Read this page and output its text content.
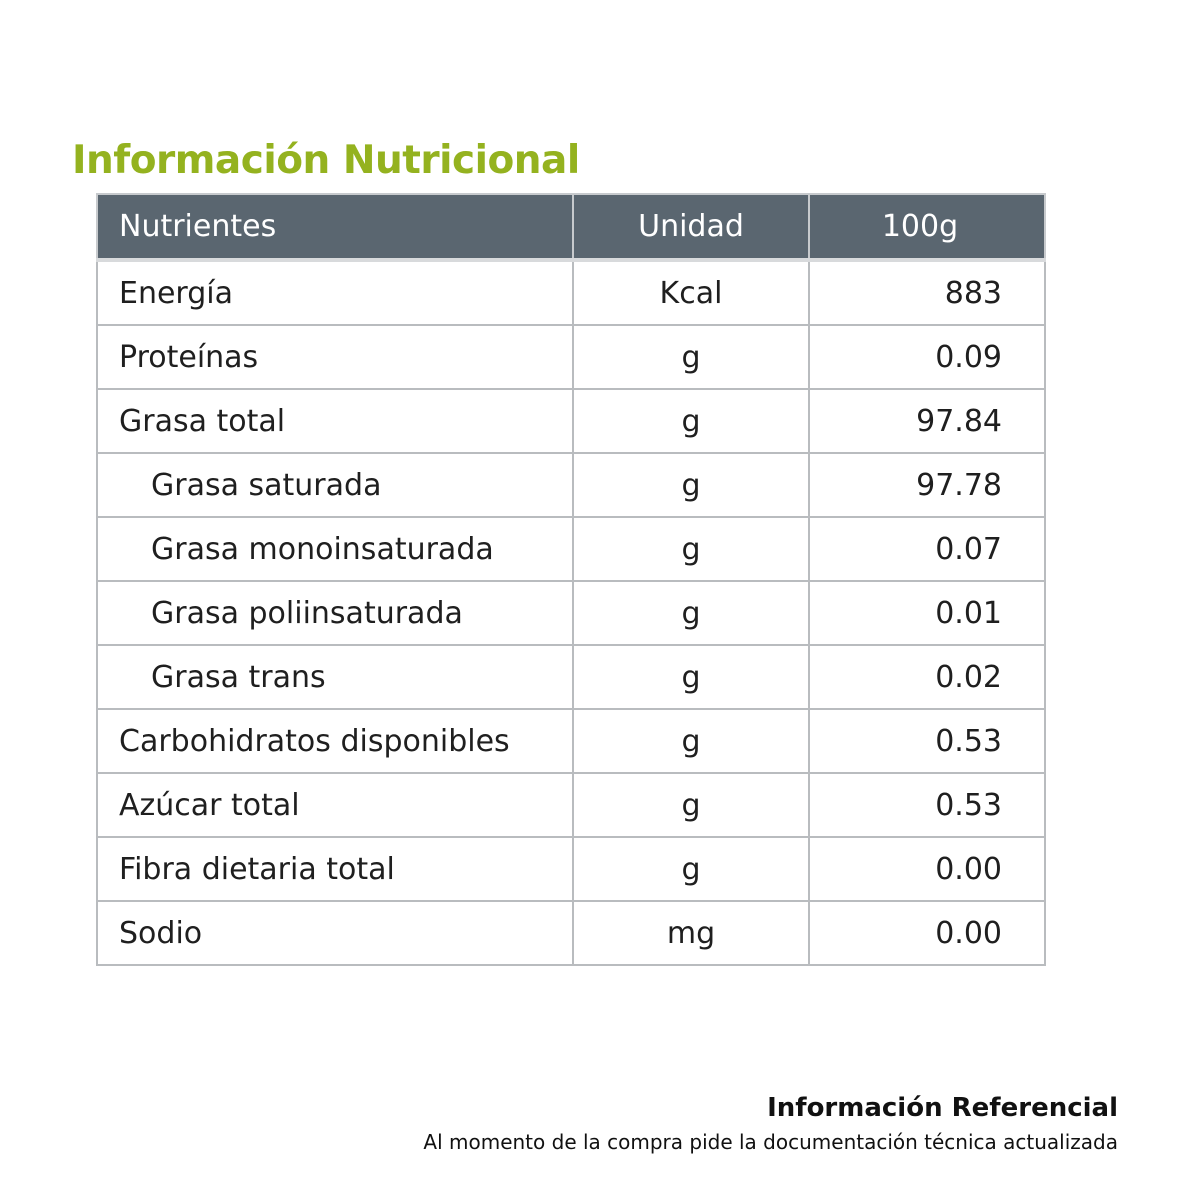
Información Nutricional
Nutrientes	Unidad	100g
Energía	Kcal	883
Proteínas	g	0.09
Grasa total	g	97.84
Grasa saturada	g	97.78
Grasa monoinsaturada	g	0.07
Grasa poliinsaturada	g	0.01
Grasa trans	g	0.02
Carbohidratos disponibles	g	0.53
Azúcar total	g	0.53
Fibra dietaria total	g	0.00
Sodio	mg	0.00
Información Referencial
Al momento de la compra pide la documentación técnica actualizada
